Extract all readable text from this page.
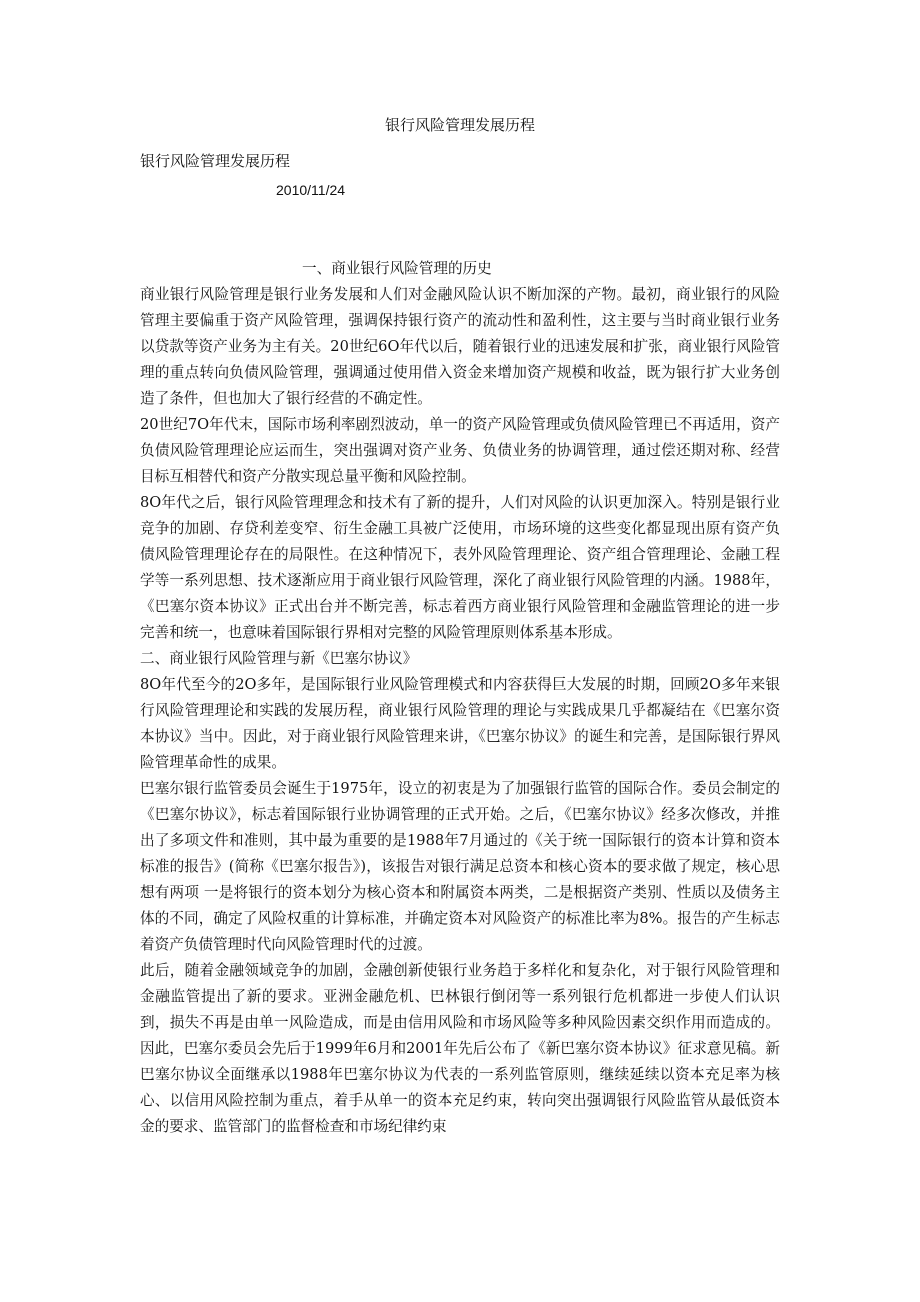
银行风险管理发展历程
银行风险管理发展历程
2010/11/24

一、商业银行风险管理的历史

商业银行风险管理是银行业务发展和人们对金融风险认识不断加深的产物。最初，商业银行的风险管理主要偏重于资产风险管理，强调保持银行资产的流动性和盈利性，这主要与当时商业银行业务以贷款等资产业务为主有关。20世纪6O年代以后，随着银行业的迅速发展和扩张，商业银行风险管理的重点转向负债风险管理，强调通过使用借入资金来增加资产规模和收益，既为银行扩大业务创造了条件，但也加大了银行经营的不确定性。

20世纪7O年代末，国际市场利率剧烈波动，单一的资产风险管理或负债风险管理已不再适用，资产负债风险管理理论应运而生，突出强调对资产业务、负债业务的协调管理，通过偿还期对称、经营目标互相替代和资产分散实现总量平衡和风险控制。

8O年代之后，银行风险管理理念和技术有了新的提升，人们对风险的认识更加深入。特别是银行业竞争的加剧、存贷利差变窄、衍生金融工具被广泛使用，市场环境的这些变化都显现出原有资产负债风险管理理论存在的局限性。在这种情况下，表外风险管理理论、资产组合管理理论、金融工程学等一系列思想、技术逐渐应用于商业银行风险管理，深化了商业银行风险管理的内涵。1988年，《巴塞尔资本协议》正式出台并不断完善，标志着西方商业银行风险管理和金融监管理论的进一步完善和统一，也意味着国际银行界相对完整的风险管理原则体系基本形成。

二、商业银行风险管理与新《巴塞尔协议》

8O年代至今的2O多年，是国际银行业风险管理模式和内容获得巨大发展的时期，回顾2O多年来银行风险管理理论和实践的发展历程，商业银行风险管理的理论与实践成果几乎都凝结在《巴塞尔资本协议》当中。因此，对于商业银行风险管理来讲，《巴塞尔协议》的诞生和完善，是国际银行界风险管理革命性的成果。

巴塞尔银行监管委员会诞生于1975年，设立的初衷是为了加强银行监管的国际合作。委员会制定的《巴塞尔协议》，标志着国际银行业协调管理的正式开始。之后，《巴塞尔协议》经多次修改，并推出了多项文件和准则，其中最为重要的是1988年7月通过的《关于统一国际银行的资本计算和资本标准的报告》(简称《巴塞尔报告》)，该报告对银行满足总资本和核心资本的要求做了规定，核心思想有两项 一是将银行的资本划分为核心资本和附属资本两类，二是根据资产类别、性质以及债务主体的不同，确定了风险权重的计算标准，并确定资本对风险资产的标准比率为8%。报告的产生标志着资产负债管理时代向风险管理时代的过渡。

此后，随着金融领域竞争的加剧，金融创新使银行业务趋于多样化和复杂化，对于银行风险管理和金融监管提出了新的要求。亚洲金融危机、巴林银行倒闭等一系列银行危机都进一步使人们认识到，损失不再是由单一风险造成，而是由信用风险和市场风险等多种风险因素交织作用而造成的。因此，巴塞尔委员会先后于1999年6月和2001年先后公布了《新巴塞尔资本协议》征求意见稿。新巴塞尔协议全面继承以1988年巴塞尔协议为代表的一系列监管原则，继续延续以资本充足率为核心、以信用风险控制为重点，着手从单一的资本充足约束，转向突出强调银行风险监管从最低资本金的要求、监管部门的监督检查和市场纪律约束
